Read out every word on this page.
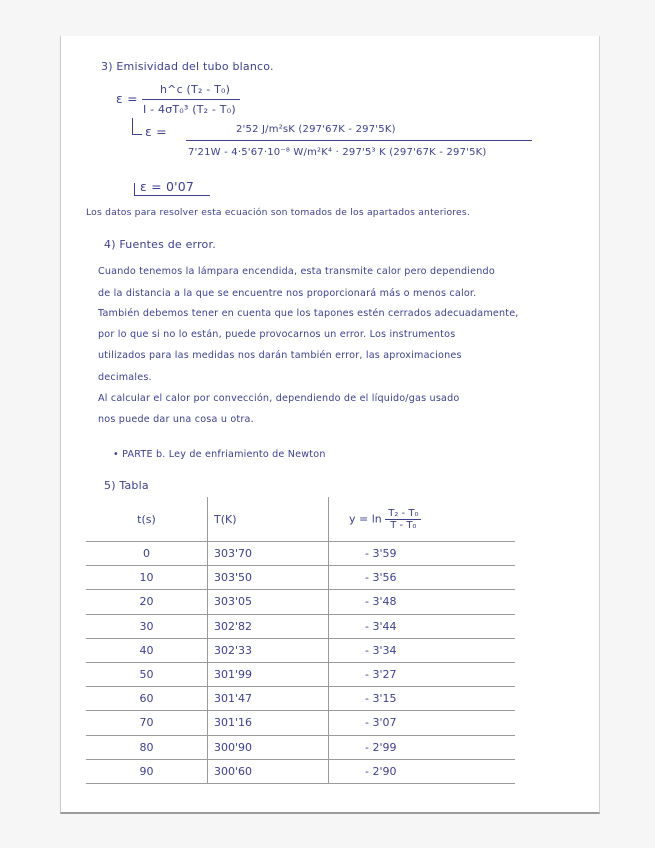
3) Emisividad del tubo blanco.
ε =
h^c (T₂ - T₀)
I - 4σT₀³ (T₂ - T₀)
ε =	2'52 J/m²sK (297'67K - 297'5K)
7'21W - 4·5'67·10⁻⁸ W/m²K⁴ · 297'5³ K (297'67K - 297'5K)
ε = 0'07
Los datos para resolver esta ecuación son tomados de los apartados anteriores.
4) Fuentes de error.
Cuando tenemos la lámpara encendida, esta transmite calor pero dependiendo
de la distancia a la que se encuentre nos proporcionará más o menos calor.
También debemos tener en cuenta que los tapones estén cerrados adecuadamente,
por lo que si no lo están, puede provocarnos un error. Los instrumentos
utilizados para las medidas nos darán también error, las aproximaciones
decimales.
Al calcular el calor por convección, dependiendo de el líquido/gas usado
nos puede dar una cosa u otra.
• PARTE b. Ley de enfriamiento de Newton
5) Tabla
t(s)	T(K)	$y = \ln \frac{\text{T₂ - T₀}}{\text{T - T₀}}$

0	303'70	- 3'59
10	303'50	- 3'56
20	303'05	- 3'48
30	302'82	- 3'44
40	302'33	- 3'34
50	301'99	- 3'27
60	301'47	- 3'15
70	301'16	- 3'07
80	300'90	- 2'99
90	300'60	- 2'90
